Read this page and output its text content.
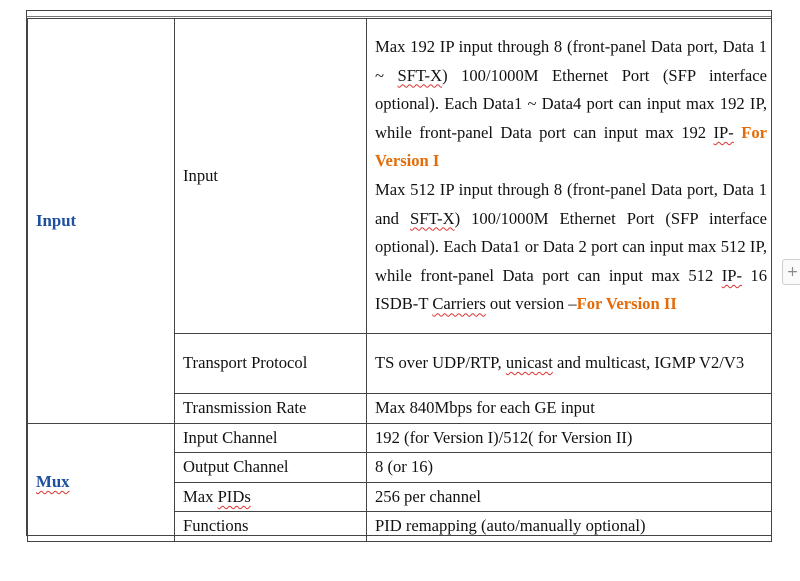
Input	Input	Max 192 IP input through 8 (front-panel Data port, Data 1 ~ SFT-X) 100/1000M Ethernet Port (SFP interface optional). Each Data1 ~ Data4 port can input max 192 IP, while front-panel Data port can input max 192 IP- For Version I
Max 512 IP input through 8 (front-panel Data port, Data 1 and SFT-X) 100/1000M Ethernet Port (SFP interface optional). Each Data1 or Data 2 port can input max 512 IP, while front-panel Data port can input max 512 IP- 16 ISDB-T Carriers out version –For Version II

	Transport Protocol	TS over UDP/RTP, unicast and multicast, IGMP V2/V3
	Transmission Rate	Max 840Mbps for each GE input
Mux	Input Channel	192 (for Version I)/512( for Version II)
	Output Channel	8 (or 16)
	Max PIDs	256 per channel
	Functions	PID remapping (auto/manually optional)
+
